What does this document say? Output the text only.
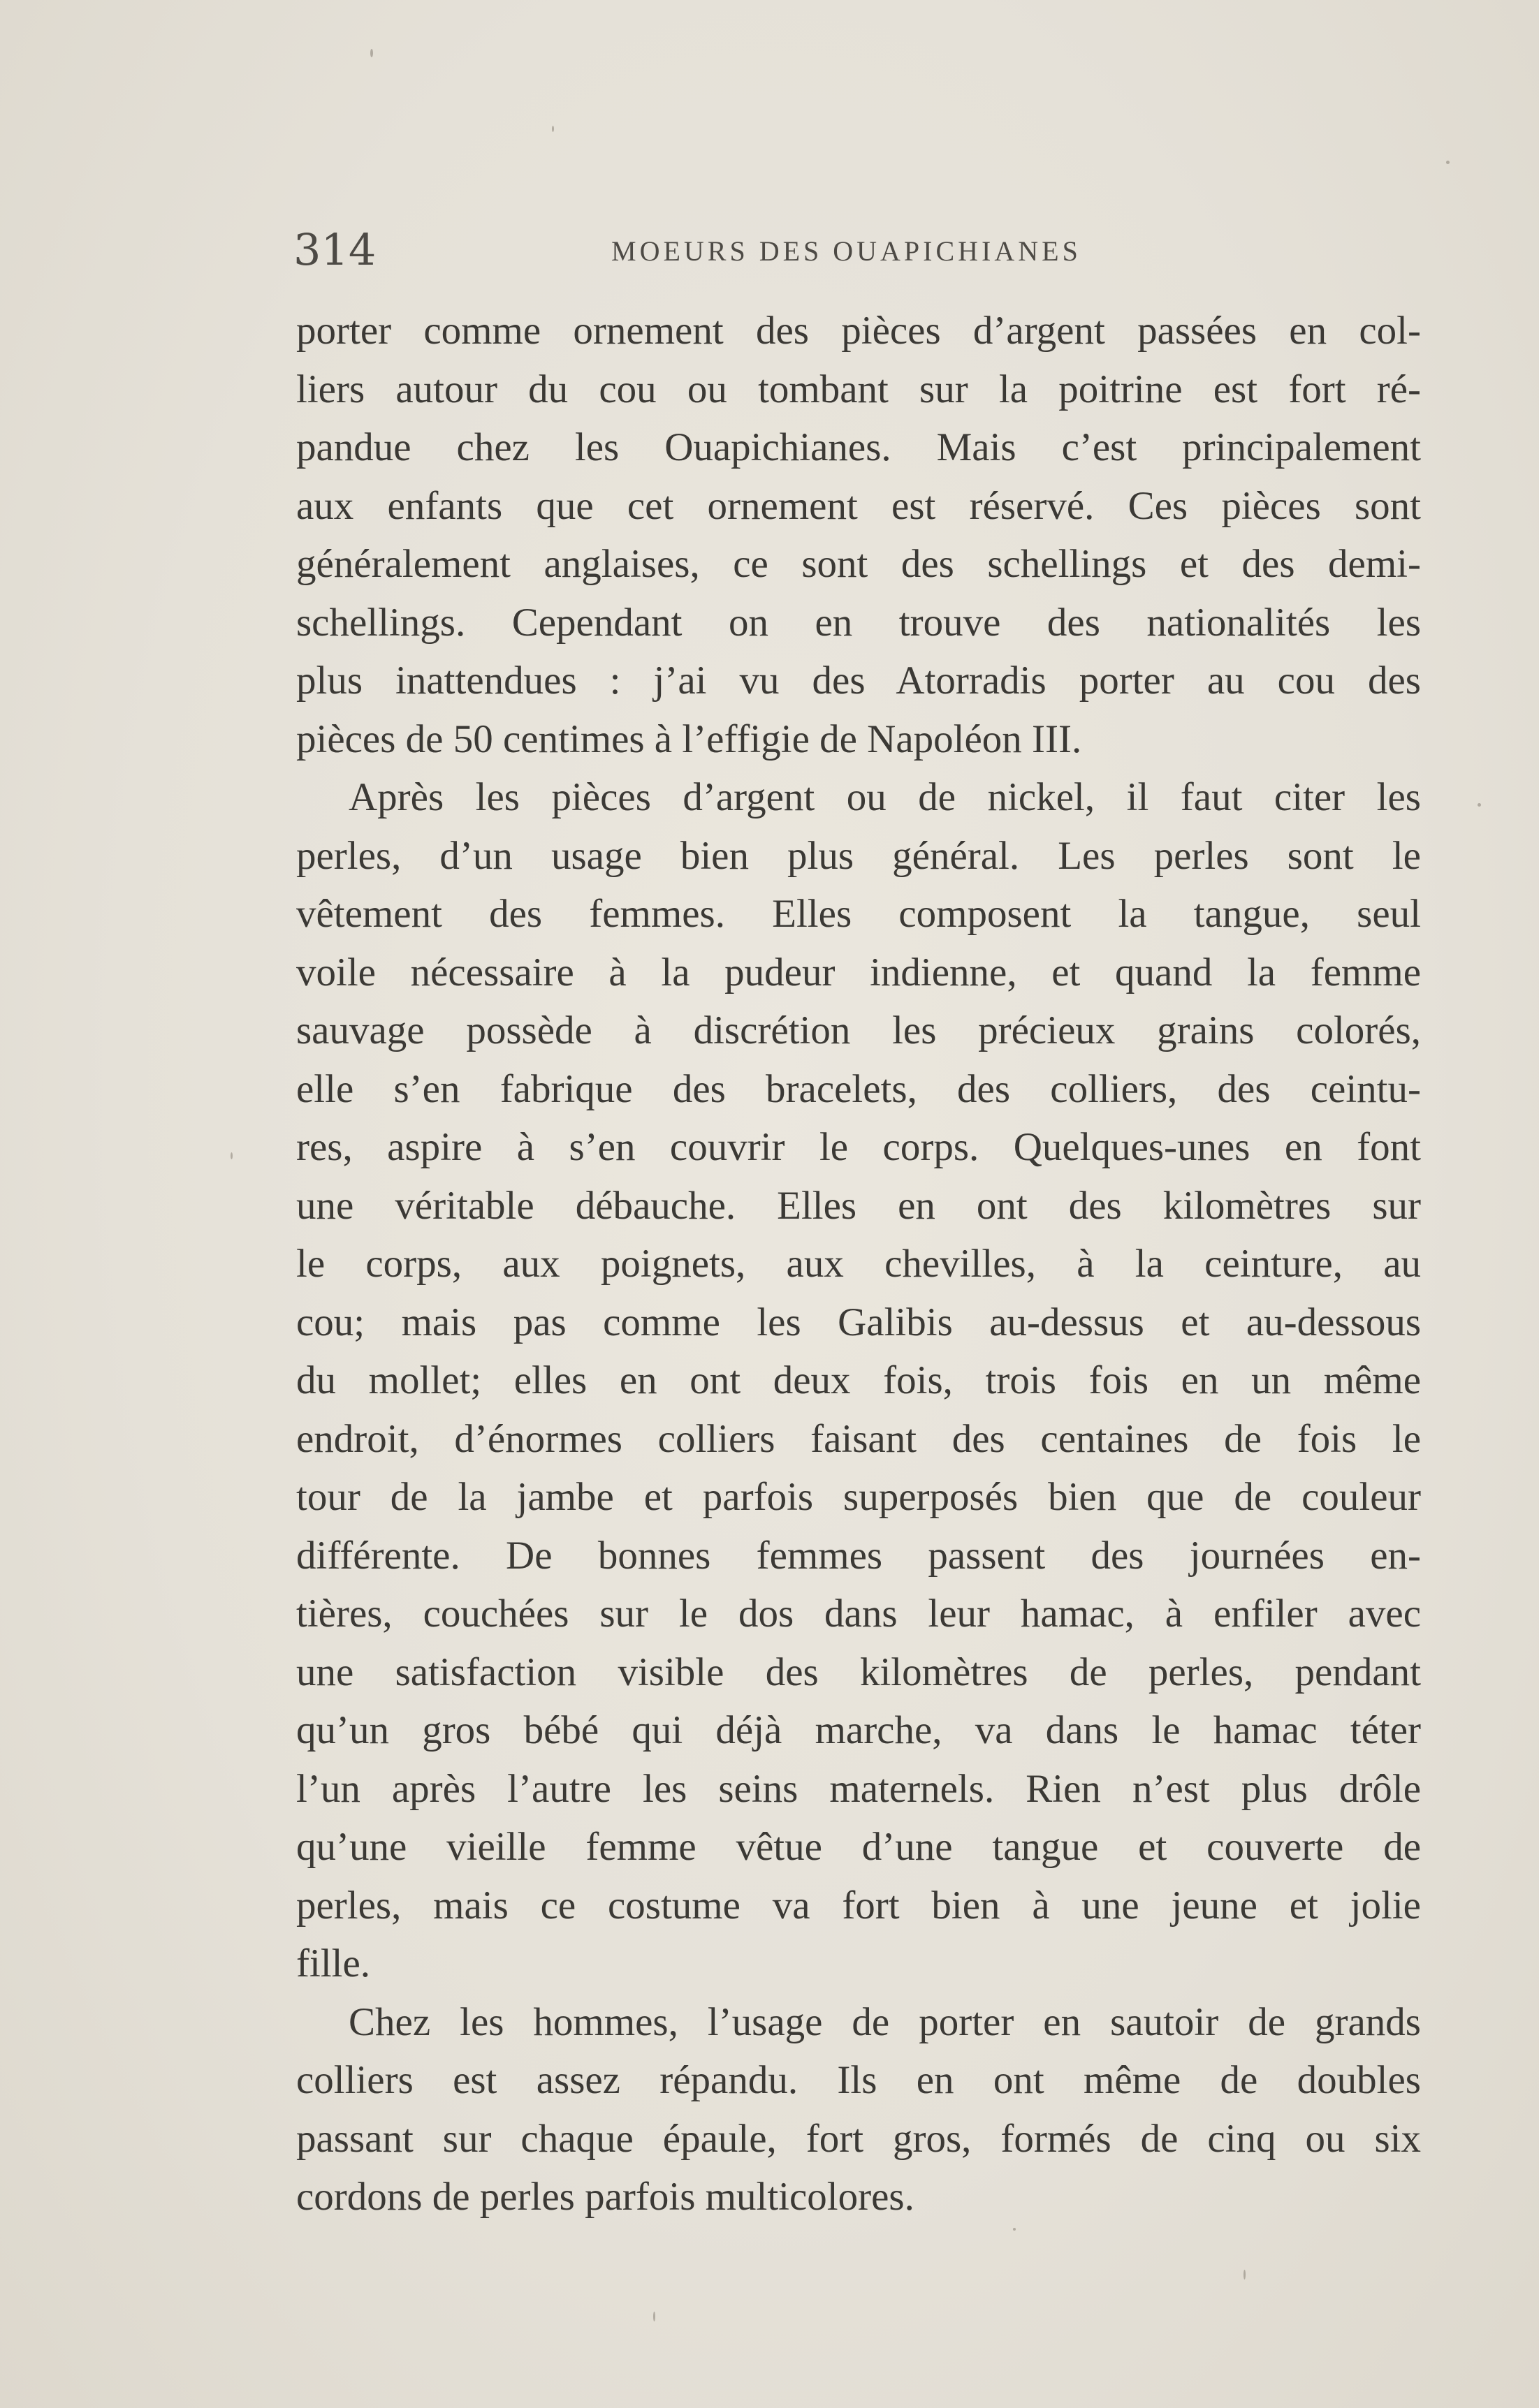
314	MOEURS DES OUAPICHIANES
porter comme ornement des pièces d’argent passées en col-
liers autour du cou ou tombant sur la poitrine est fort ré-
pandue chez les Ouapichianes. Mais c’est principalement
aux enfants que cet ornement est réservé. Ces pièces sont
généralement anglaises, ce sont des schellings et des demi-
schellings. Cependant on en trouve des nationalités les
plus inattendues : j’ai vu des Atorradis porter au cou des
pièces de 50 centimes à l’effigie de Napoléon III.
Après les pièces d’argent ou de nickel, il faut citer les
perles, d’un usage bien plus général. Les perles sont le
vêtement des femmes. Elles composent la tangue, seul
voile nécessaire à la pudeur indienne, et quand la femme
sauvage possède à discrétion les précieux grains colorés,
elle s’en fabrique des bracelets, des colliers, des ceintu-
res, aspire à s’en couvrir le corps. Quelques-unes en font
une véritable débauche. Elles en ont des kilomètres sur
le corps, aux poignets, aux chevilles, à la ceinture, au
cou; mais pas comme les Galibis au-dessus et au-dessous
du mollet; elles en ont deux fois, trois fois en un même
endroit, d’énormes colliers faisant des centaines de fois le
tour de la jambe et parfois superposés bien que de couleur
différente. De bonnes femmes passent des journées en-
tières, couchées sur le dos dans leur hamac, à enfiler avec
une satisfaction visible des kilomètres de perles, pendant
qu’un gros bébé qui déjà marche, va dans le hamac téter
l’un après l’autre les seins maternels. Rien n’est plus drôle
qu’une vieille femme vêtue d’une tangue et couverte de
perles, mais ce costume va fort bien à une jeune et jolie
fille.
Chez les hommes, l’usage de porter en sautoir de grands
colliers est assez répandu. Ils en ont même de doubles
passant sur chaque épaule, fort gros, formés de cinq ou six
cordons de perles parfois multicolores.
